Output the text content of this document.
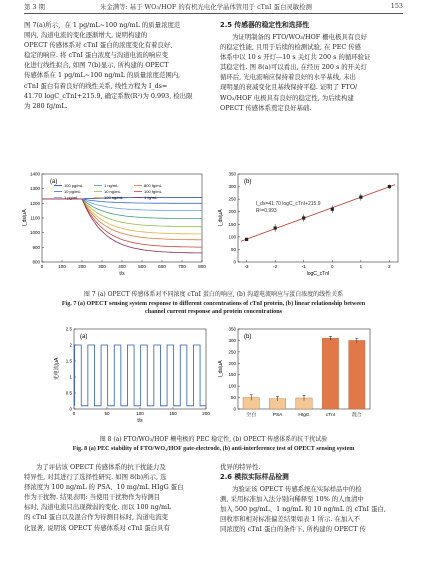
第 3 期	朱金满等: 基于 WO₃/HOF 的有机光电化学晶体管用于 cTnI 蛋白灵敏检测	153
图 7(a)所示，在 1 pg/mL~100 ng/mL 的质量浓度范
围内, 沟道电流的变化逐渐增大, 说明构建的
OPECT 传感体系对 cTnI 蛋白的浓度变化有着良好、
稳定的响应. 将 cTnI 蛋白浓度与沟道电流的响应变
化进行线性拟合, 如图 7(b)显示, 所构建的 OPECT
传感体系在 1 pg/mL~100 ng/mL 的质量浓度范围内,
cTnI 蛋白有着良好的线性关系, 线性方程为 I_ds=
41.70 logC_cTnI+215.9, 确定系数(R²)为 0.993, 检出限
为 280 fg/mL.
2.5 传感器的稳定性和选择性
为证明制备的 FTO/WO₃/HOF 栅电极具有良好
的稳定性能, 且用于后续的检测试验, 在 PEC 传感
体系中以 10 s 开灯—10 s 关灯共 200 s 的循环验证
其稳定性. 图 8(a)可以看出, 在经历 200 s 的开关灯
循环后, 光电流响应保持着良好的水平基线, 未出
现明显的衰减变化且基线保持平稳. 证明了 FTO/
WO₃/HOF 电极具有良好的稳定性, 为后续构建
OPECT 传感体系奠定良好基础.
0	100	200	300	400	500	600	700	800
800
900
1000
1100
1200
1300
1400
t/s
I_ds/μA
100 pg/mL
10 pg/mL
1 pg/mL
1 ng/mL
10 ng/mL
100 ng/mL
800 fg/mL
100 fg/mL
1 fg/mL
(a)
-3	-2	-1	0	1	2
0
50
100
150
200
250
300
350
logC_cTnI
I_ds/μA
(b)
I_ds=41.70 logC_cTnI+215.9
R²=0.993
图 7 (a) OPECT 传感体系对不同浓度 cTnI 蛋白的响应, (b) 沟道电流响应与蛋白浓度的线性关系
Fig. 7 (a) OPECT sensing system response to different concentrations of cTnI protein, (b) linear relationship between
channel current response and protein concentrations
0	50	100	150	200
0
0.5
1
1.5
2
2.5
t/s
光电流/μA
(a)
0
50
100
150
200
250
300
350
I_ds/μA
空白	PSA	HIgG	cTnI	混合
(b)
图 8 (a) FTO/WO₃/HOF 栅电极的 PEC 稳定性, (b) OPECT 传感体系的抗干扰试验
Fig. 8 (a) PEC stability of FTO/WO₃/HOF gate-electrode, (b) anti-interference test of OPECT sensing system
为了评估该 OPECT 传感体系的抗干扰能力及
特异性, 对其进行了选择性研究. 如图 8(b)所示, 选
择浓度为 100 ng/mL 的 PSA、10 mg/mL HIgG 蛋白
作为干扰物. 结果表明: 当使用干扰物作为待测目
标时, 沟道电流只出现微弱的变化. 而以 100 ng/mL
的 cTnI 蛋白以及混合作为待测目标时, 沟道电流变
化显著, 说明该 OPECT 传感体系对 cTnI 蛋白具有
优异的特异性.
2.6 模拟实际样品检测
为验证该 OPECT 传感系统在实际样品中的检
测, 采用标准加入法分别向稀释至 10% 的人血清中
加入 500 pg/mL、1 ng/mL 和 10 ng/mL 的 cTnI 蛋白,
回收率和相对标准偏差结果如表 1 所示. 在加入不
同浓度的 cTnI 蛋白的条件下, 所构建的 OPECT 传
